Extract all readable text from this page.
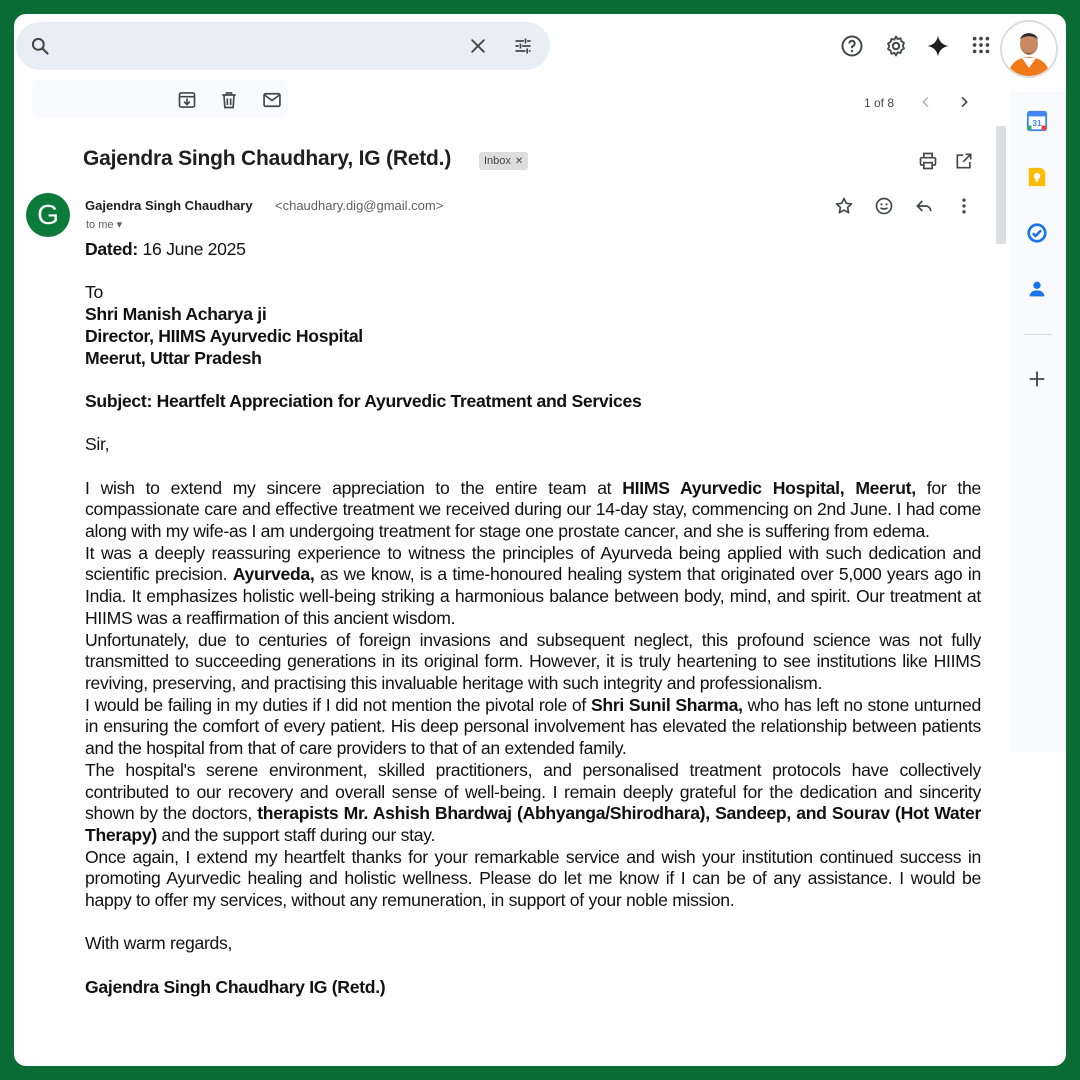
1 of 8
31
Gajendra Singh Chaudhary, IG (Retd.)	Inbox ✕
G	Gajendra Singh Chaudhary <chaudhary.dig@gmail.com>
to me ▾

Dated: 16 June 2025

To

Shri Manish Acharya ji

Director, HIIMS Ayurvedic Hospital

Meerut, Uttar Pradesh

Subject: Heartfelt Appreciation for Ayurvedic Treatment and Services

Sir,

I wish to extend my sincere appreciation to the entire team at HIIMS Ayurvedic Hospital, Meerut, for the compassionate care and effective treatment we received during our 14-day stay, commencing on 2nd June. I had come along with my wife-as I am undergoing treatment for stage one prostate cancer, and she is suffering from edema.

It was a deeply reassuring experience to witness the principles of Ayurveda being applied with such dedication and scientific precision. Ayurveda, as we know, is a time-honoured healing system that originated over 5,000 years ago in India. It emphasizes holistic well-being striking a harmonious balance between body, mind, and spirit. Our treatment at HIIMS was a reaffirmation of this ancient wisdom.

Unfortunately, due to centuries of foreign invasions and subsequent neglect, this profound science was not fully transmitted to succeeding generations in its original form. However, it is truly heartening to see institutions like HIIMS reviving, preserving, and practising this invaluable heritage with such integrity and professionalism.

I would be failing in my duties if I did not mention the pivotal role of Shri Sunil Sharma, who has left no stone unturned in ensuring the comfort of every patient. His deep personal involvement has elevated the relationship between patients and the hospital from that of care providers to that of an extended family.

The hospital's serene environment, skilled practitioners, and personalised treatment protocols have collectively contributed to our recovery and overall sense of well-being. I remain deeply grateful for the dedication and sincerity shown by the doctors, therapists Mr. Ashish Bhardwaj (Abhyanga/Shirodhara), Sandeep, and Sourav (Hot Water Therapy) and the support staff during our stay.

Once again, I extend my heartfelt thanks for your remarkable service and wish your institution continued success in promoting Ayurvedic healing and holistic wellness. Please do let me know if I can be of any assistance. I would be happy to offer my services, without any remuneration, in support of your noble mission.

With warm regards,

Gajendra Singh Chaudhary IG (Retd.)
